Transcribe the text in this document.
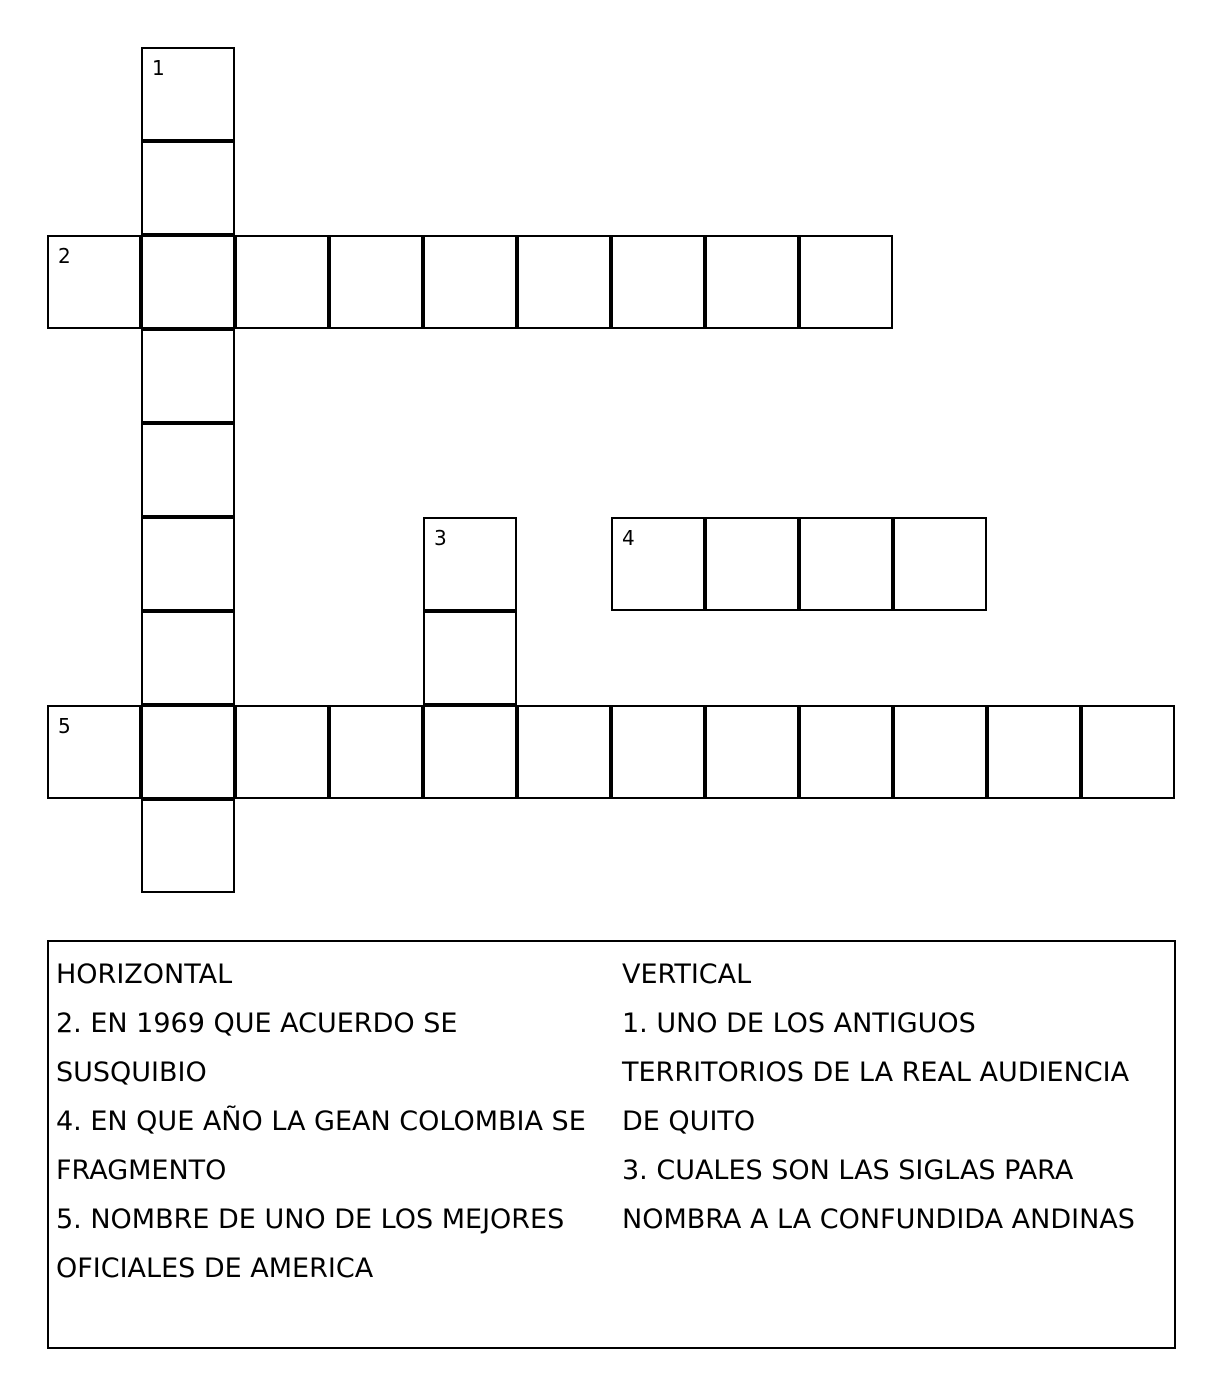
1
2
3	4
5
HORIZONTAL
2. EN 1969 QUE ACUERDO SE
SUSQUIBIO
4. EN QUE AÑO LA GEAN COLOMBIA SE
FRAGMENTO
5. NOMBRE DE UNO DE LOS MEJORES
OFICIALES DE AMERICA
VERTICAL
1. UNO DE LOS ANTIGUOS
TERRITORIOS DE LA REAL AUDIENCIA
DE QUITO
3. CUALES SON LAS SIGLAS PARA
NOMBRA A LA CONFUNDIDA ANDINAS
